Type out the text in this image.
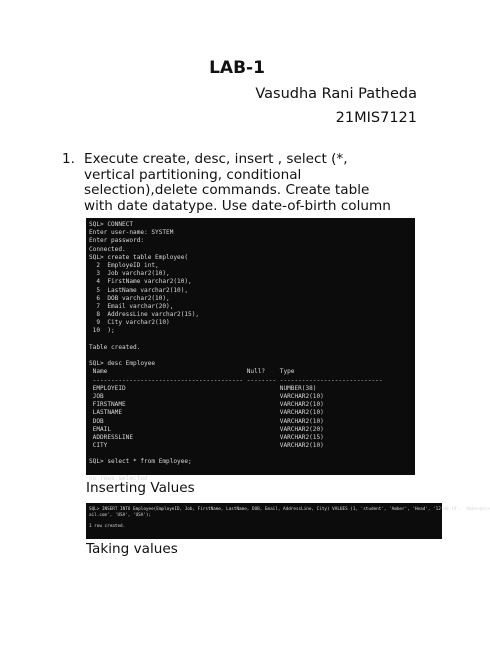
LAB-1
Vasudha Rani Patheda
21MIS7121
1. Execute create, desc, insert , select (*, vertical partitioning, conditional selection),delete commands. Create table with date datatype. Use date-of-birth column
SQL> CONNECT
Enter user-name: SYSTEM
Enter password:
Connected.
SQL> create table Employee(
2  EmployeID int,
3  Job varchar2(10),
4  FirstName varchar2(10),
5  LastName varchar2(10),
6  DOB varchar2(10),
7  Email varchar(20),
8  AddressLine varchar2(15),
9  City varchar2(10)
10  );
Table created.
SQL> desc Employee
Name                                      Null?    Type
----------------------------------------- -------- ----------------------------
EMPLOYEID                                          NUMBER(38)
JOB                                                VARCHAR2(10)
FIRSTNAME                                          VARCHAR2(10)
LASTNAME                                           VARCHAR2(10)
DOB                                                VARCHAR2(10)
EMAIL                                              VARCHAR2(20)
ADDRESSLINE                                        VARCHAR2(15)
CITY                                               VARCHAR2(10)
SQL> select * from Employee;
no rows selected
Inserting Values
SQL> INSERT INTO Employee(EmployeID, Job, FirstName, LastName, DOB, Email, AddressLine, City) VALUES (1, 'student', 'Amber', 'Head', '12-08-19', 'Amber@ote
ail.com', 'USA', 'USA');
1 row created.
Taking values
